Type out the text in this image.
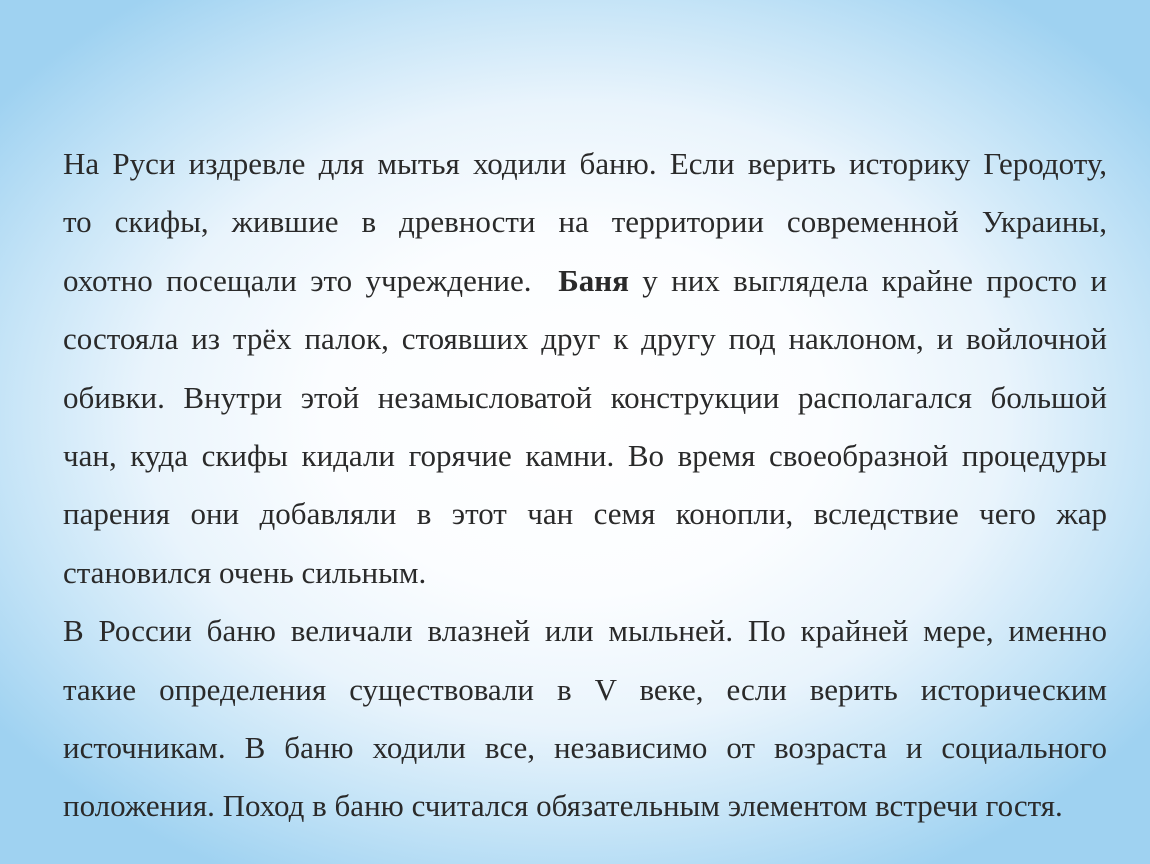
На Руси издревле для мытья ходили баню. Если верить историку Геродоту,
то скифы, жившие в древности на территории современной Украины,
охотно посещали это учреждение.  Баня у них выглядела крайне просто и
состояла из трёх палок, стоявших друг к другу под наклоном, и войлочной
обивки. Внутри этой незамысловатой конструкции располагался большой
чан, куда скифы кидали горячие камни. Во время своеобразной процедуры
парения они добавляли в этот чан семя конопли, вследствие чего жар
становился очень сильным.

В России баню величали влазней или мыльней. По крайней мере, именно
такие определения существовали в V веке, если верить историческим
источникам. В баню ходили все, независимо от возраста и социального
положения. Поход в баню считался обязательным элементом встречи гостя.
